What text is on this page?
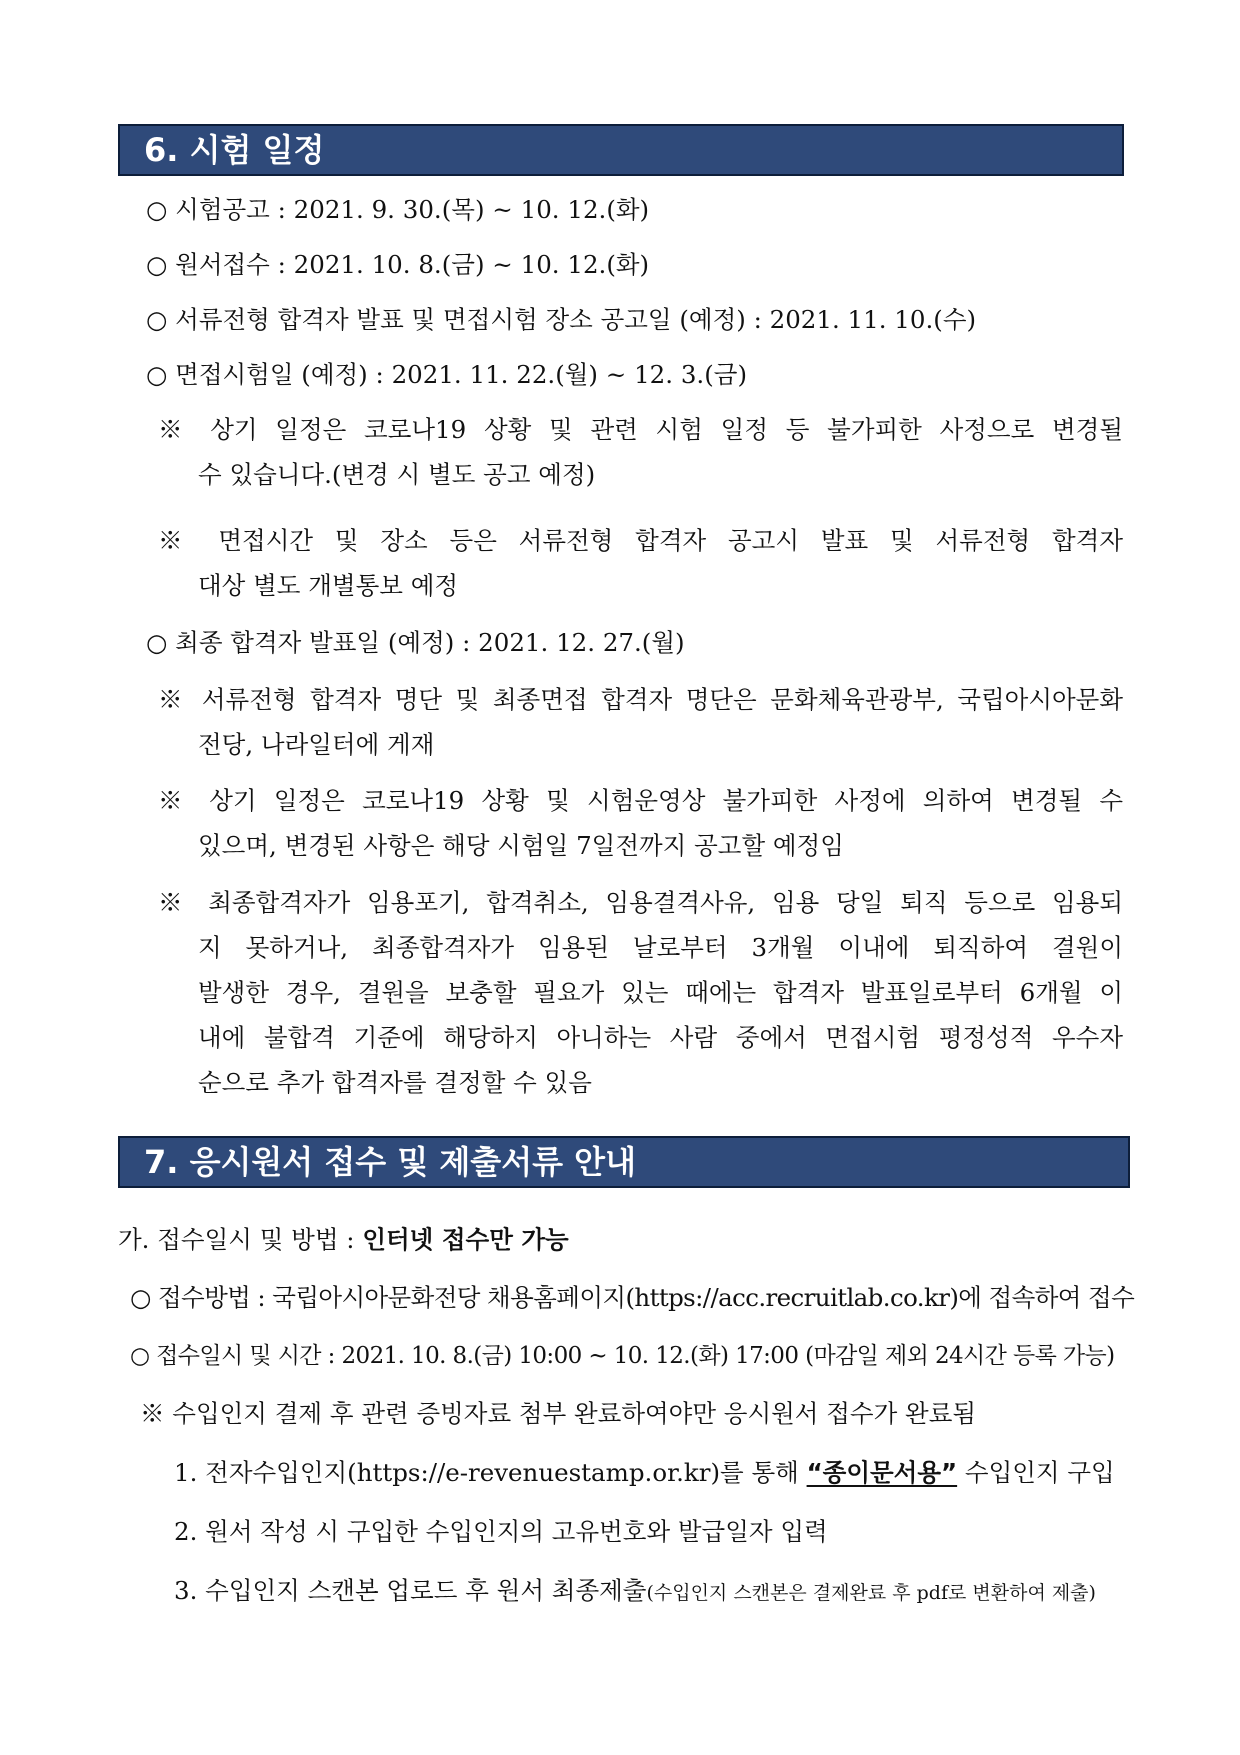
6. 시험 일정
○ 시험공고 : 2021. 9. 30.(목) ~ 10. 12.(화)
○ 원서접수 : 2021. 10. 8.(금) ~ 10. 12.(화)
○ 서류전형 합격자 발표 및 면접시험 장소 공고일 (예정) : 2021. 11. 10.(수)
○ 면접시험일 (예정) : 2021. 11. 22.(월) ~ 12. 3.(금)
※ 상기 일정은 코로나19 상황 및 관련 시험 일정 등 불가피한 사정으로 변경될
수 있습니다.(변경 시 별도 공고 예정)
※ 면접시간 및 장소 등은 서류전형 합격자 공고시 발표 및 서류전형 합격자
대상 별도 개별통보 예정
○ 최종 합격자 발표일 (예정) : 2021. 12. 27.(월)
※ 서류전형 합격자 명단 및 최종면접 합격자 명단은 문화체육관광부, 국립아시아문화
전당, 나라일터에 게재
※ 상기 일정은 코로나19 상황 및 시험운영상 불가피한 사정에 의하여 변경될 수
있으며, 변경된 사항은 해당 시험일 7일전까지 공고할 예정임
※ 최종합격자가 임용포기, 합격취소, 임용결격사유, 임용 당일 퇴직 등으로 임용되
지 못하거나, 최종합격자가 임용된 날로부터 3개월 이내에 퇴직하여 결원이
발생한 경우, 결원을 보충할 필요가 있는 때에는 합격자 발표일로부터 6개월 이
내에 불합격 기준에 해당하지 아니하는 사람 중에서 면접시험 평정성적 우수자
순으로 추가 합격자를 결정할 수 있음
7. 응시원서 접수 및 제출서류 안내
가. 접수일시 및 방법 : 인터넷 접수만 가능
○ 접수방법 : 국립아시아문화전당 채용홈페이지(https://acc.recruitlab.co.kr)에 접속하여 접수
○ 접수일시 및 시간 : 2021. 10. 8.(금) 10:00 ~ 10. 12.(화) 17:00 (마감일 제외 24시간 등록 가능)
※ 수입인지 결제 후 관련 증빙자료 첨부 완료하여야만 응시원서 접수가 완료됨
1. 전자수입인지(https://e-revenuestamp.or.kr)를 통해 “종이문서용” 수입인지 구입
2. 원서 작성 시 구입한 수입인지의 고유번호와 발급일자 입력
3. 수입인지 스캔본 업로드 후 원서 최종제출(수입인지 스캔본은 결제완료 후 pdf로 변환하여 제출)
